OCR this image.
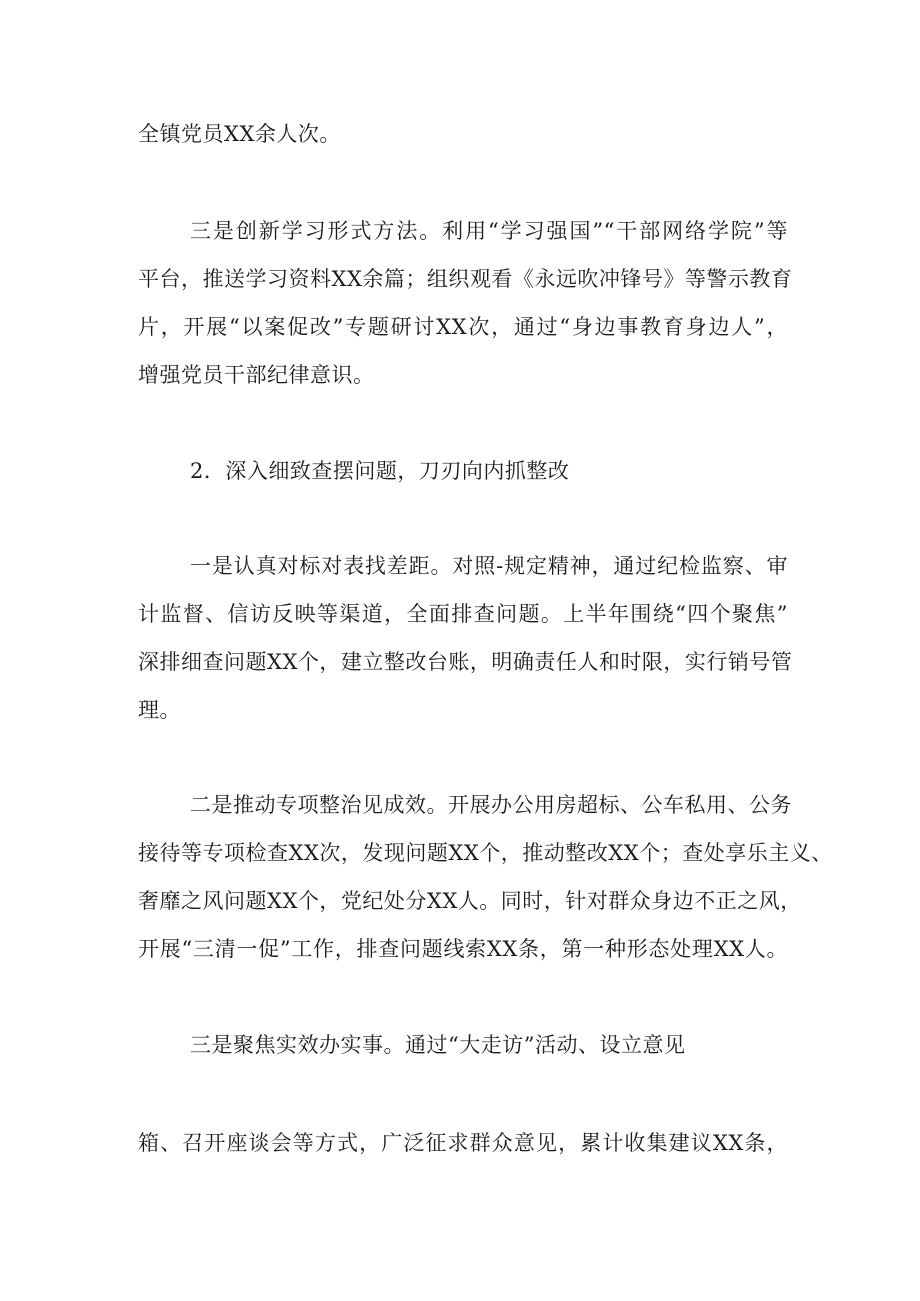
全镇党员XX余人次。
三是创新学习形式方法。利用“学习强国”“干部网络学院”等
平台，推送学习资料XX余篇；组织观看《永远吹冲锋号》等警示教育
片，开展“以案促改”专题研讨XX次，通过“身边事教育身边人”，
增强党员干部纪律意识。
2．深入细致查摆问题，刀刃向内抓整改
一是认真对标对表找差距。对照-规定精神，通过纪检监察、审
计监督、信访反映等渠道，全面排查问题。上半年围绕“四个聚焦”
深排细查问题XX个，建立整改台账，明确责任人和时限，实行销号管
理。
二是推动专项整治见成效。开展办公用房超标、公车私用、公务
接待等专项检查XX次，发现问题XX个，推动整改XX个；查处享乐主义、
奢靡之风问题XX个，党纪处分XX人。同时，针对群众身边不正之风，
开展“三清一促”工作，排查问题线索XX条，第一种形态处理XX人。
三是聚焦实效办实事。通过“大走访”活动、设立意见
箱、召开座谈会等方式，广泛征求群众意见，累计收集建议XX条，
